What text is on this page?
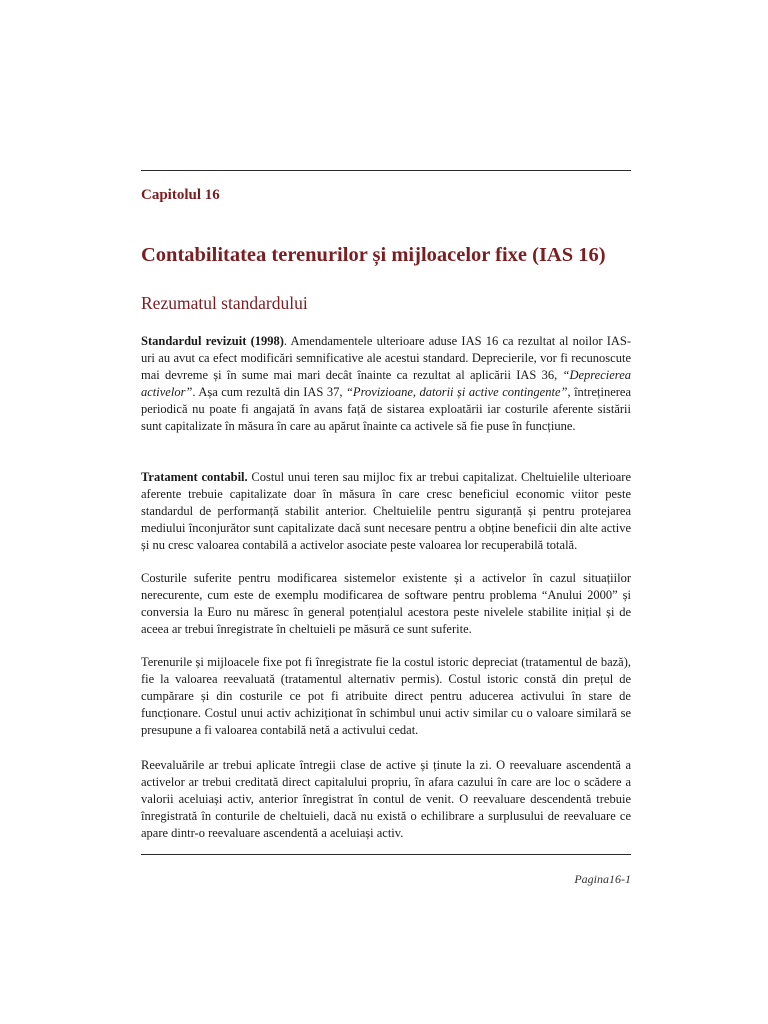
Capitolul 16
Contabilitatea terenurilor și mijloacelor fixe (IAS 16)
Rezumatul standardului

Standardul revizuit (1998). Amendamentele ulterioare aduse IAS 16 ca rezultat al noilor IAS-uri au avut ca efect modificări semnificative ale acestui standard. Deprecierile, vor fi recunoscute mai devreme și în sume mai mari decât înainte ca rezultat al aplicării IAS 36, “Deprecierea activelor”. Așa cum rezultă din IAS 37, “Provizioane, datorii și active contingente”, întreținerea periodică nu poate fi angajată în avans față de sistarea exploatării iar costurile aferente sistării sunt capitalizate în măsura în care au apărut înainte ca activele să fie puse în funcțiune.

Tratament contabil. Costul unui teren sau mijloc fix ar trebui capitalizat. Cheltuielile ulterioare aferente trebuie capitalizate doar în măsura în care cresc beneficiul economic viitor peste standardul de performanță stabilit anterior. Cheltuielile pentru siguranță și pentru protejarea mediului înconjurător sunt capitalizate dacă sunt necesare pentru a obține beneficii din alte active și nu cresc valoarea contabilă a activelor asociate peste valoarea lor recuperabilă totală.

Costurile suferite pentru modificarea sistemelor existente și a activelor în cazul situațiilor nerecurente, cum este de exemplu modificarea de software pentru problema “Anului 2000” și conversia la Euro nu măresc în general potențialul acestora peste nivelele stabilite inițial și de aceea ar trebui înregistrate în cheltuieli pe măsură ce sunt suferite.

Terenurile și mijloacele fixe pot fi înregistrate fie la costul istoric depreciat (tratamentul de bază), fie la valoarea reevaluată (tratamentul alternativ permis). Costul istoric constă din prețul de cumpărare și din costurile ce pot fi atribuite direct pentru aducerea activului în stare de funcționare. Costul unui activ achiziționat în schimbul unui activ similar cu o valoare similară se presupune a fi valoarea contabilă netă a activului cedat.

Reevaluările ar trebui aplicate întregii clase de active și ținute la zi. O reevaluare ascendentă a activelor ar trebui creditată direct capitalului propriu, în afara cazului în care are loc o scădere a valorii aceluiași activ, anterior înregistrat în contul de venit. O reevaluare descendentă trebuie înregistrată în conturile de cheltuieli, dacă nu există o echilibrare a surplusului de reevaluare ce apare dintr-o reevaluare ascendentă a aceluiași activ.

Pagina16-1
